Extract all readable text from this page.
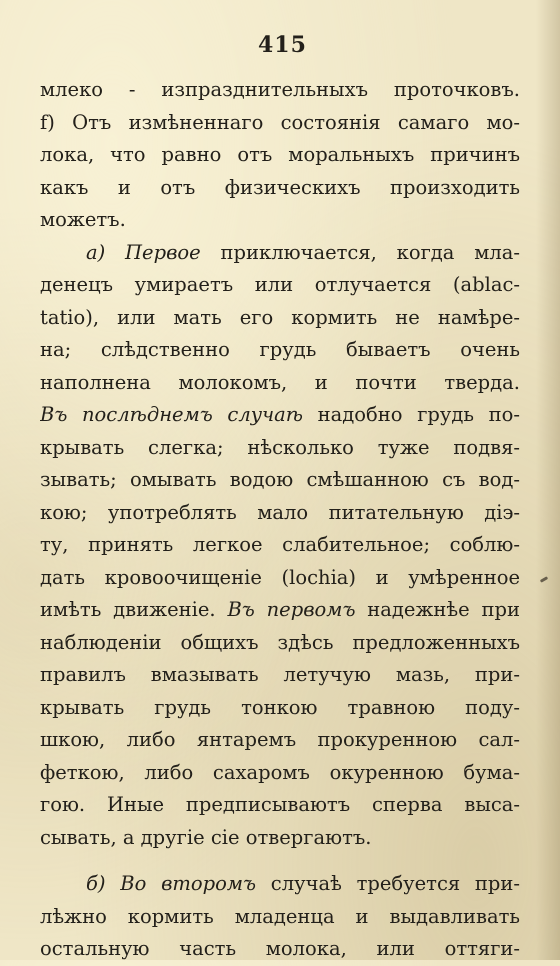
415

млеко - изпразднительныхъ проточковъ.
f) Отъ измѣненнаго состоянія самаго мо-
лока, что равно отъ моральныхъ причинъ
какъ и отъ физическихъ произходить
можетъ.
а) Первое приключается, когда мла-
денецъ умираетъ или отлучается (ablac-
tatio), или мать его кормить не намѣре-
на; слѣдственно грудь бываетъ очень
наполнена молокомъ, и почти тверда.
Въ послѣднемъ случаѣ надобно грудь по-
крывать слегка; нѣсколько туже подвя-
зывать; омывать водою смѣшанною съ вод-
кою; употреблять мало питательную діэ-
ту, принять легкое слабительное; соблю-
дать кровоочищеніе (lochia) и умѣренное
имѣть движеніе. Въ первомъ надежнѣе при
наблюденіи общихъ здѣсь предложенныхъ
правилъ вмазывать летучую мазь, при-
крывать грудь тонкою травною поду-
шкою, либо янтаремъ прокуренною сал-
феткою, либо сахаромъ окуренною бума-
гою. Иные предписываютъ сперва выса-
сывать, а другіе сіе отвергаютъ.
б) Во второмъ случаѣ требуется при-
лѣжно кормить младенца и выдавливать
остальную часть молока, или оттяги-
